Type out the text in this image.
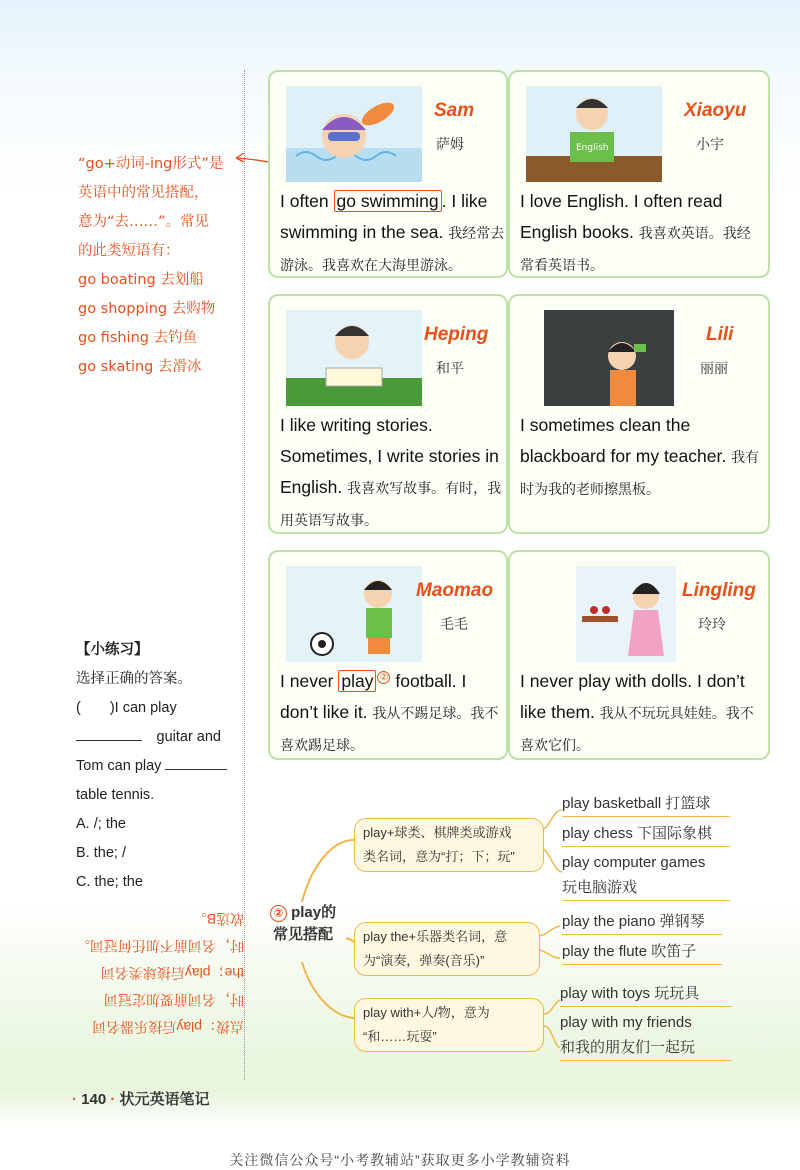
“go+动词-ing形式”是
英语中的常见搭配，
意为“去……”。常见
的此类短语有：
go boating 去划船
go shopping 去购物
go fishing 去钓鱼
go skating 去滑冰
Sam
萨姆
I often go swimming . I like swimming in the sea. 我经常去游泳。我喜欢在大海里游泳。
English
Xiaoyu
小宇
I love English. I often read English books. 我喜欢英语。我经常看英语书。
Heping
和平
I like writing stories. Sometimes, I write stories in English. 我喜欢写故事。有时，我用英语写故事。
Lili
丽丽
I sometimes clean the blackboard for my teacher. 我有时为我的老师擦黑板。
Maomao
毛毛
I never play ② football. I don’t like it. 我从不踢足球。我不喜欢踢足球。
Lingling
玲玲
I never play with dolls. I don’t like them. 我从不玩玩具娃娃。我不喜欢它们。
【小练习】
选择正确的答案。
(　　)I can play
　guitar and
Tom can play
table tennis.
A. /; the
B. the; /
C. the; the
点拨：play后接乐器名词时，名词前要加定冠词the；play后接球类名词时，名词前不加任何冠词。故选B。	② play的
常见搭配
play+球类、棋牌类或游戏
类名词，意为“打；下；玩”
play the+乐器类名词，意
为“演奏，弹奏(音乐)”
play with+人/物，意为
“和……玩耍”
play basketball 打篮球
play chess 下国际象棋
play computer games
玩电脑游戏
play the piano 弹钢琴
play the flute 吹笛子
play with toys 玩玩具
play with my friends
和我的朋友们一起玩
· 140 · 状元英语笔记
关注微信公众号“小考教辅站”获取更多小学教辅资料
